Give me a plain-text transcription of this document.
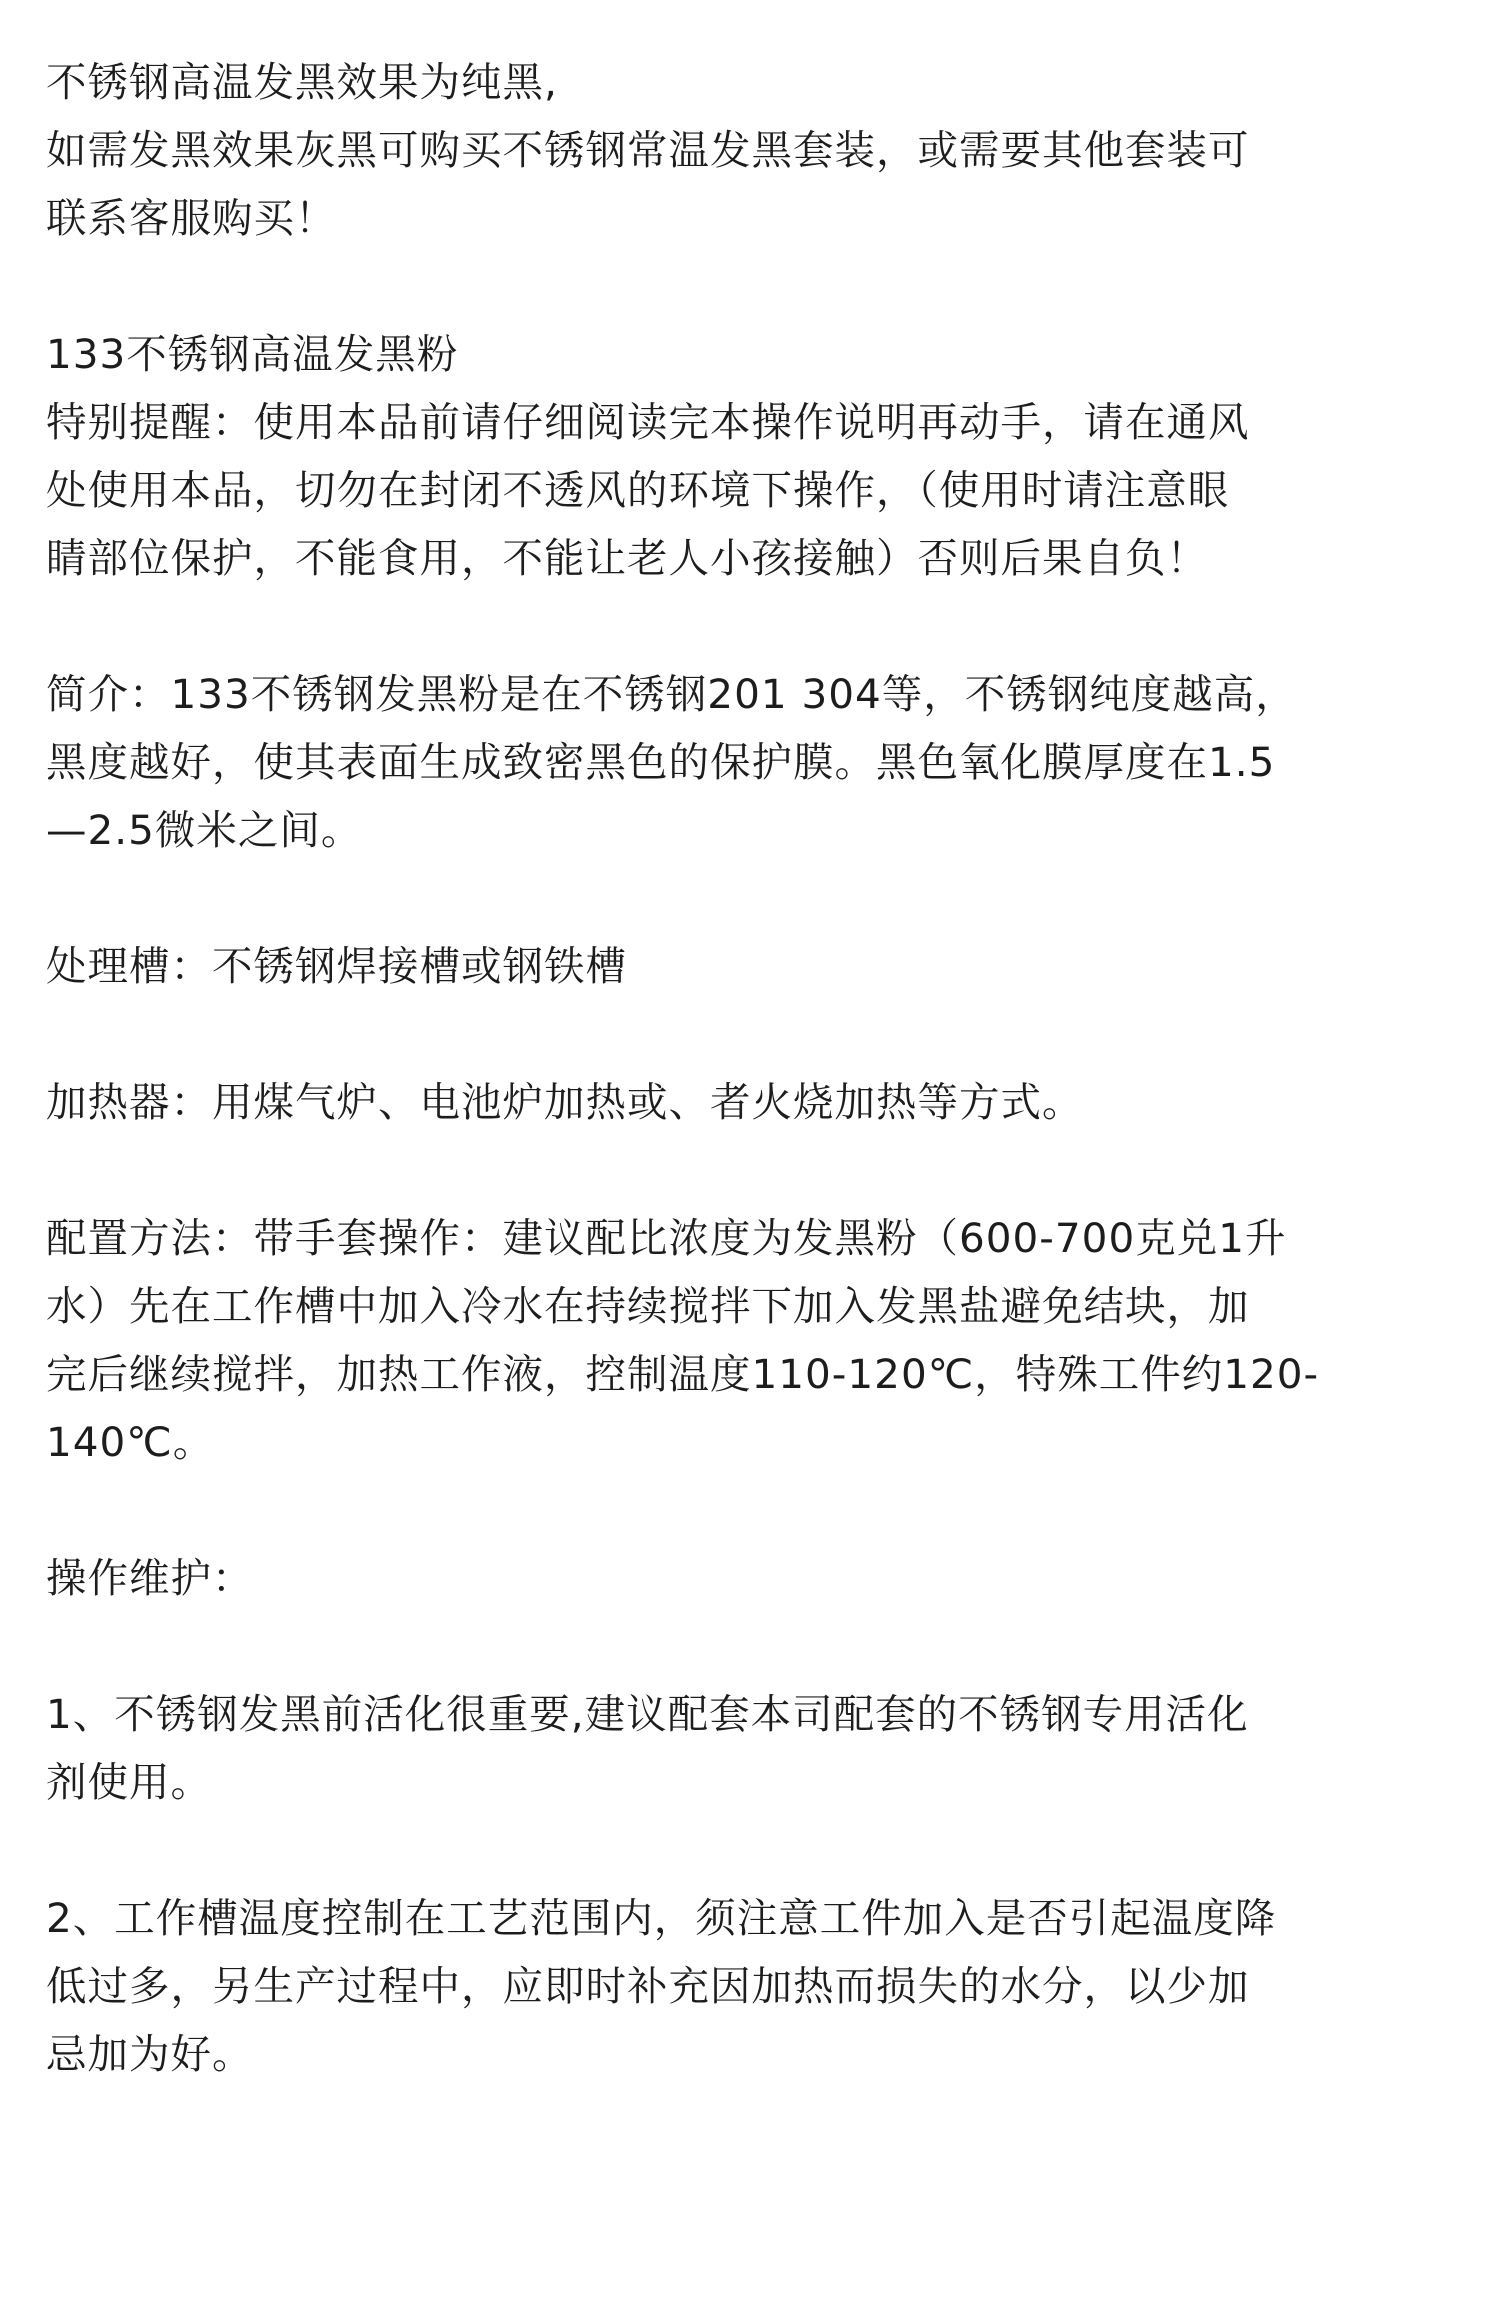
不锈钢高温发黑效果为纯黑,
如需发黑效果灰黑可购买不锈钢常温发黑套装，或需要其他套装可
联系客服购买！
133不锈钢高温发黑粉
特别提醒：使用本品前请仔细阅读完本操作说明再动手，请在通风
处使用本品，切勿在封闭不透风的环境下操作，（使用时请注意眼
睛部位保护，不能食用，不能让老人小孩接触）否则后果自负！
简介：133不锈钢发黑粉是在不锈钢201 304等，不锈钢纯度越高，
黑度越好，使其表面生成致密黑色的保护膜。黑色氧化膜厚度在1.5
—2.5微米之间。
处理槽：不锈钢焊接槽或钢铁槽
加热器：用煤气炉、电池炉加热或、者火烧加热等方式。
配置方法：带手套操作：建议配比浓度为发黑粉（600-700克兑1升
水）先在工作槽中加入冷水在持续搅拌下加入发黑盐避免结块，加
完后继续搅拌，加热工作液，控制温度110-120℃，特殊工件约120-
140℃。
操作维护：
1、不锈钢发黑前活化很重要,建议配套本司配套的不锈钢专用活化
剂使用。
2、工作槽温度控制在工艺范围内，须注意工件加入是否引起温度降
低过多，另生产过程中，应即时补充因加热而损失的水分，以少加
忌加为好。
